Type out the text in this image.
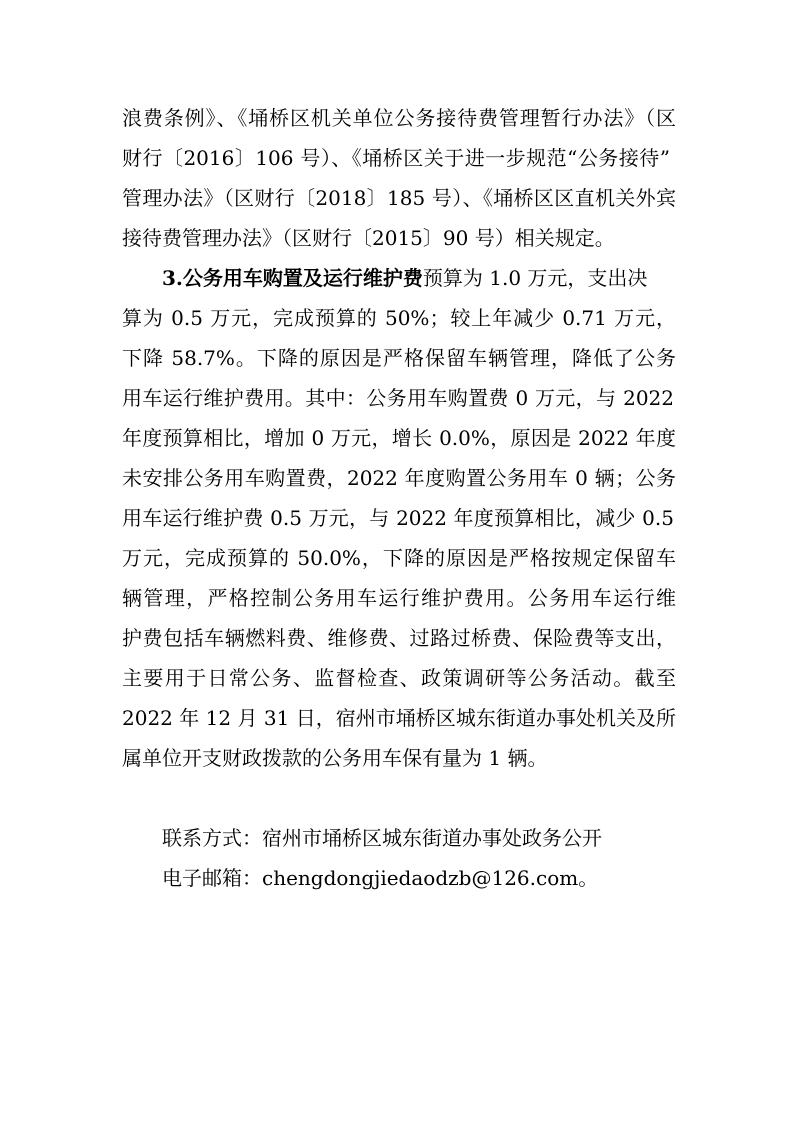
浪费条例》、《埇桥区机关单位公务接待费管理暂行办法》（区

财行〔2016〕106 号）、《埇桥区关于进一步规范“公务接待”

管理办法》（区财行〔2018〕185 号）、《埇桥区区直机关外宾

接待费管理办法》（区财行〔2015〕90 号）相关规定。

3.公务用车购置及运行维护费预算为 1.0 万元，支出决

算为 0.5 万元，完成预算的 50%；较上年减少 0.71 万元，

下降 58.7%。下降的原因是严格保留车辆管理，降低了公务

用车运行维护费用。其中：公务用车购置费 0 万元，与 2022

年度预算相比，增加 0 万元，增长 0.0%，原因是 2022 年度

未安排公务用车购置费，2022 年度购置公务用车 0 辆；公务

用车运行维护费 0.5 万元，与 2022 年度预算相比，减少 0.5

万元，完成预算的 50.0%，下降的原因是严格按规定保留车

辆管理，严格控制公务用车运行维护费用。公务用车运行维

护费包括车辆燃料费、维修费、过路过桥费、保险费等支出，

主要用于日常公务、监督检查、政策调研等公务活动。截至

2022 年 12 月 31 日，宿州市埇桥区城东街道办事处机关及所

属单位开支财政拨款的公务用车保有量为 1 辆。

联系方式：宿州市埇桥区城东街道办事处政务公开

电子邮箱：chengdongjiedaodzb@126.com。
